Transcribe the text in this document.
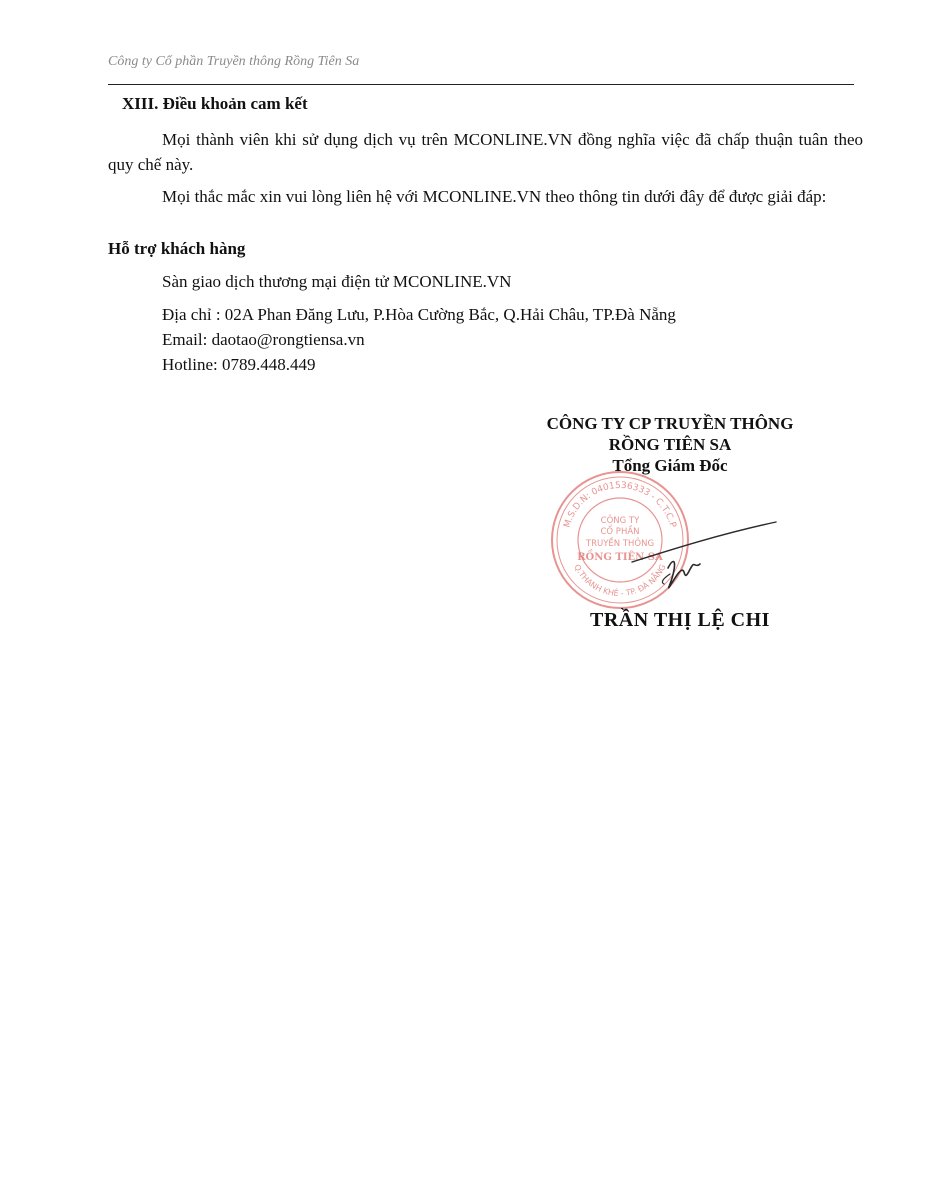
Công ty Cổ phần Truyền thông Rồng Tiên Sa
XIII. Điều khoản cam kết

Mọi thành viên khi sử dụng dịch vụ trên MCONLINE.VN đồng nghĩa việc đã chấp thuận tuân theo quy chế này.

Mọi thắc mắc xin vui lòng liên hệ với MCONLINE.VN theo thông tin dưới đây để được giải đáp:

Hỗ trợ khách hàng
Sàn giao dịch thương mại điện tử MCONLINE.VN
Địa chỉ : 02A Phan Đăng Lưu, P.Hòa Cường Bắc, Q.Hải Châu, TP.Đà Nẵng
Email: daotao@rongtiensa.vn
Hotline: 0789.448.449
CÔNG TY CP TRUYỀN THÔNG
RỒNG TIÊN SA
Tổng Giám Đốc
M.S.D.N: 0401536333 - C.T.C.P
Q.THANH KHÊ - TP. ĐÀ NẴNG
CÔNG TY
CỔ PHẦN
TRUYỀN THÔNG
RỒNG TIÊN SA
TRẦN THỊ LỆ CHI
